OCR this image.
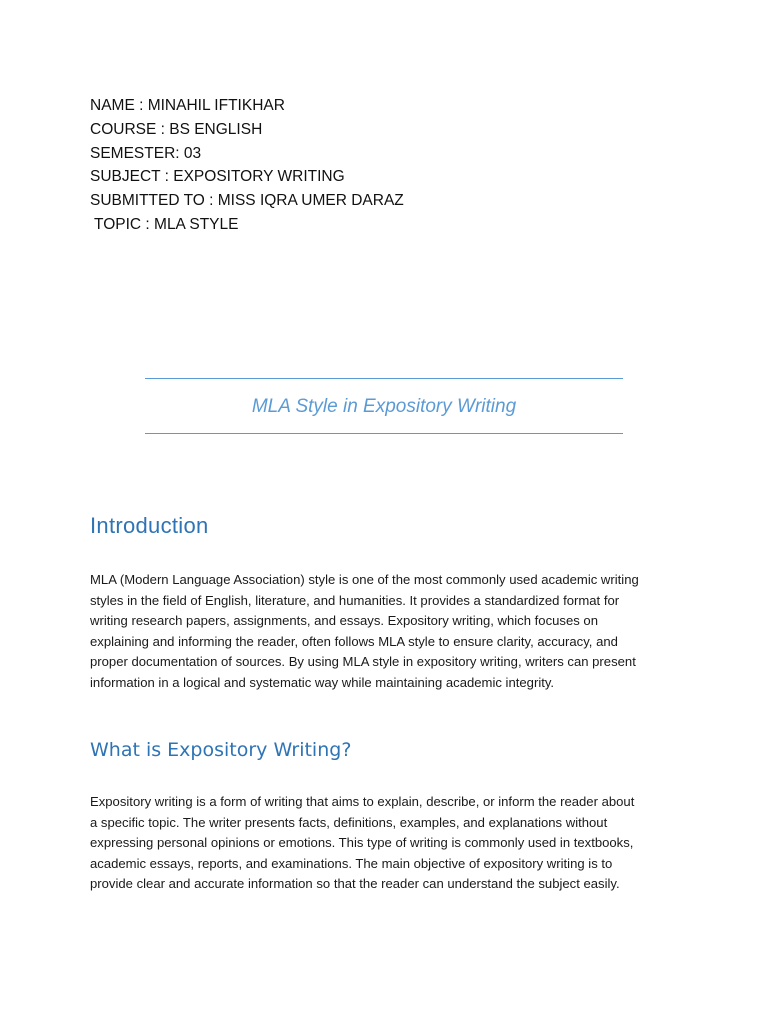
NAME : MINAHIL IFTIKHAR
COURSE : BS ENGLISH
SEMESTER: 03
SUBJECT : EXPOSITORY WRITING
SUBMITTED TO : MISS IQRA UMER DARAZ
TOPIC : MLA STYLE
MLA Style in Expository Writing
Introduction
MLA (Modern Language Association) style is one of the most commonly used academic writing
styles in the field of English, literature, and humanities. It provides a standardized format for
writing research papers, assignments, and essays. Expository writing, which focuses on
explaining and informing the reader, often follows MLA style to ensure clarity, accuracy, and
proper documentation of sources. By using MLA style in expository writing, writers can present
information in a logical and systematic way while maintaining academic integrity.
What is Expository Writing?
Expository writing is a form of writing that aims to explain, describe, or inform the reader about
a specific topic. The writer presents facts, definitions, examples, and explanations without
expressing personal opinions or emotions. This type of writing is commonly used in textbooks,
academic essays, reports, and examinations. The main objective of expository writing is to
provide clear and accurate information so that the reader can understand the subject easily.
